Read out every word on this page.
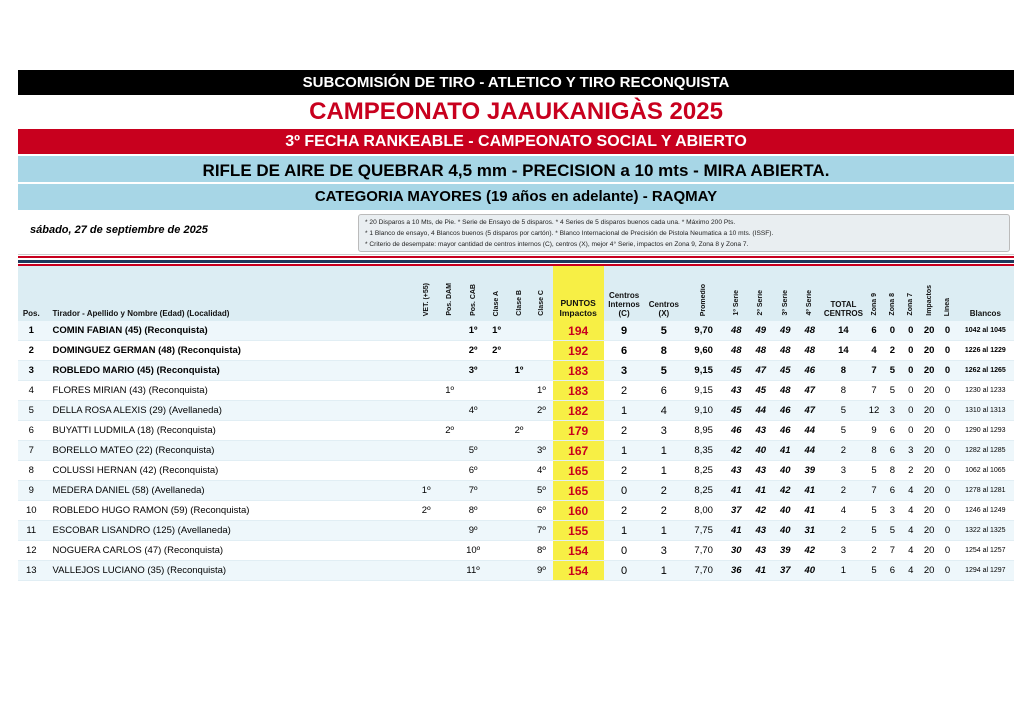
SUBCOMISIÓN DE TIRO - ATLETICO Y TIRO RECONQUISTA
CAMPEONATO JAAUKANIGÀS 2025
3º FECHA RANKEABLE - CAMPEONATO SOCIAL Y ABIERTO
RIFLE DE AIRE DE QUEBRAR 4,5 mm - PRECISION a 10 mts - MIRA ABIERTA.
CATEGORIA MAYORES (19 años en adelante) - RAQMAY
sábado, 27 de septiembre de 2025
* 20 Disparos a 10 Mts, de Pie. * Serie de Ensayo de 5 disparos. * 4 Series de 5 disparos buenos cada una. * Máximo 200 Pts.
* 1 Blanco de ensayo, 4 Blancos buenos (5 disparos por cartón). * Blanco Internacional de Precisión de Pistola Neumatica a 10 mts. (ISSF).
* Criterio de desempate: mayor cantidad de centros internos (C), centros (X), mejor 4° Serie, impactos en Zona 9, Zona 8 y Zona 7.
Pos.	Tirador - Apellido y Nombre (Edad) (Localidad)	VET. (+55)	Pos. DAM	Pos. CAB	Clase A	Clase B	Clase C	PUNTOS
Impactos	Centros
Internos
(C)	Centros
(X)	Promedio	1º Serie	2º Serie	3º Serie	4º Serie	TOTAL
CENTROS	Zona 9	Zona 8	Zona 7	Impactos	Línea	Blancos
1	COMIN FABIAN (45) (Reconquista)			1º	1º			194	9	5	9,70	48	49	49	48	14	6	0	0	20	0	1042 al 1045
2	DOMINGUEZ GERMAN (48) (Reconquista)			2º	2º			192	6	8	9,60	48	48	48	48	14	4	2	0	20	0	1226 al 1229
3	ROBLEDO MARIO (45) (Reconquista)			3º		1º		183	3	5	9,15	45	47	45	46	8	7	5	0	20	0	1262 al 1265
4	FLORES MIRIAN (43) (Reconquista)		1º				1º	183	2	6	9,15	43	45	48	47	8	7	5	0	20	0	1230 al 1233
5	DELLA ROSA ALEXIS (29) (Avellaneda)			4º			2º	182	1	4	9,10	45	44	46	47	5	12	3	0	20	0	1310 al 1313
6	BUYATTI LUDMILA (18) (Reconquista)		2º			2º		179	2	3	8,95	46	43	46	44	5	9	6	0	20	0	1290 al 1293
7	BORELLO MATEO (22) (Reconquista)			5º			3º	167	1	1	8,35	42	40	41	44	2	8	6	3	20	0	1282 al 1285
8	COLUSSI HERNAN (42) (Reconquista)			6º			4º	165	2	1	8,25	43	43	40	39	3	5	8	2	20	0	1062 al 1065
9	MEDERA DANIEL (58) (Avellaneda)	1º		7º			5º	165	0	2	8,25	41	41	42	41	2	7	6	4	20	0	1278 al 1281
10	ROBLEDO HUGO RAMON (59) (Reconquista)	2º		8º			6º	160	2	2	8,00	37	42	40	41	4	5	3	4	20	0	1246 al 1249
11	ESCOBAR LISANDRO (125) (Avellaneda)			9º			7º	155	1	1	7,75	41	43	40	31	2	5	5	4	20	0	1322 al 1325
12	NOGUERA CARLOS (47) (Reconquista)			10º			8º	154	0	3	7,70	30	43	39	42	3	2	7	4	20	0	1254 al 1257
13	VALLEJOS LUCIANO (35) (Reconquista)			11º			9º	154	0	1	7,70	36	41	37	40	1	5	6	4	20	0	1294 al 1297
